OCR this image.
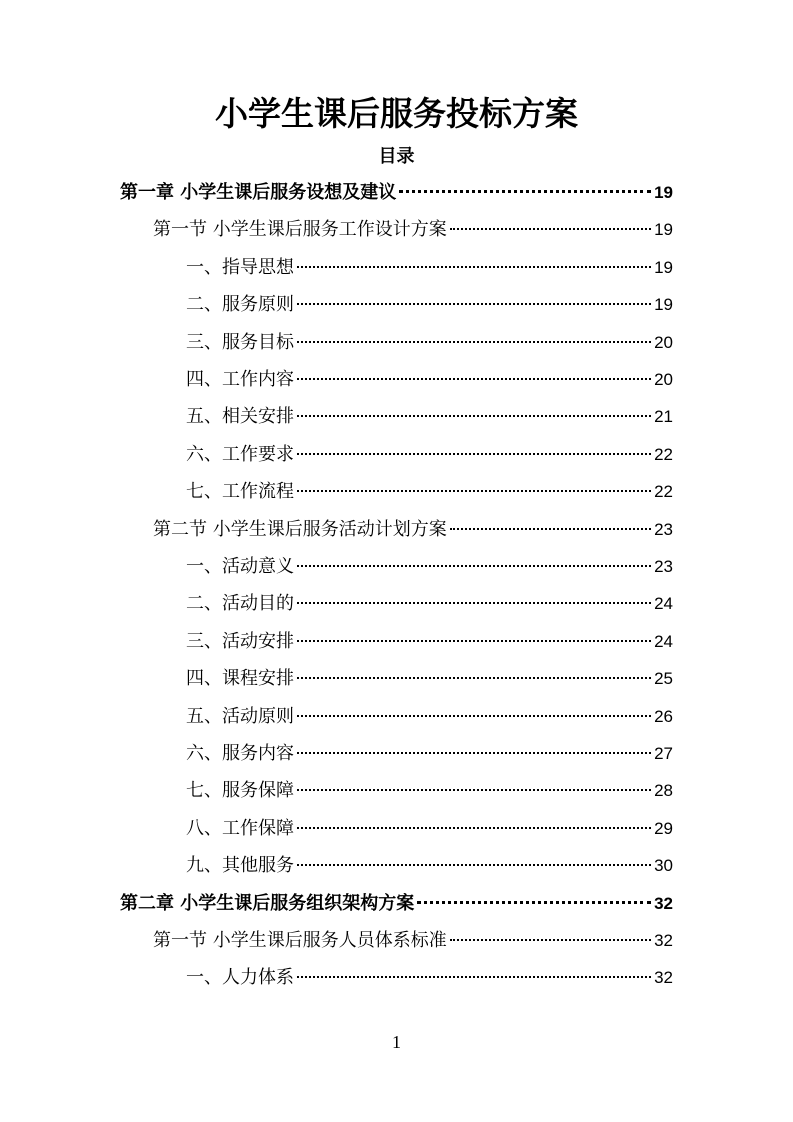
小学生课后服务投标方案
目录
第一章 小学生课后服务设想及建议	19
第一节 小学生课后服务工作设计方案	19
一、指导思想	19
二、服务原则	19
三、服务目标	20
四、工作内容	20
五、相关安排	21
六、工作要求	22
七、工作流程	22
第二节 小学生课后服务活动计划方案	23
一、活动意义	23
二、活动目的	24
三、活动安排	24
四、课程安排	25
五、活动原则	26
六、服务内容	27
七、服务保障	28
八、工作保障	29
九、其他服务	30
第二章 小学生课后服务组织架构方案	32
第一节 小学生课后服务人员体系标准	32
一、人力体系	32
1
